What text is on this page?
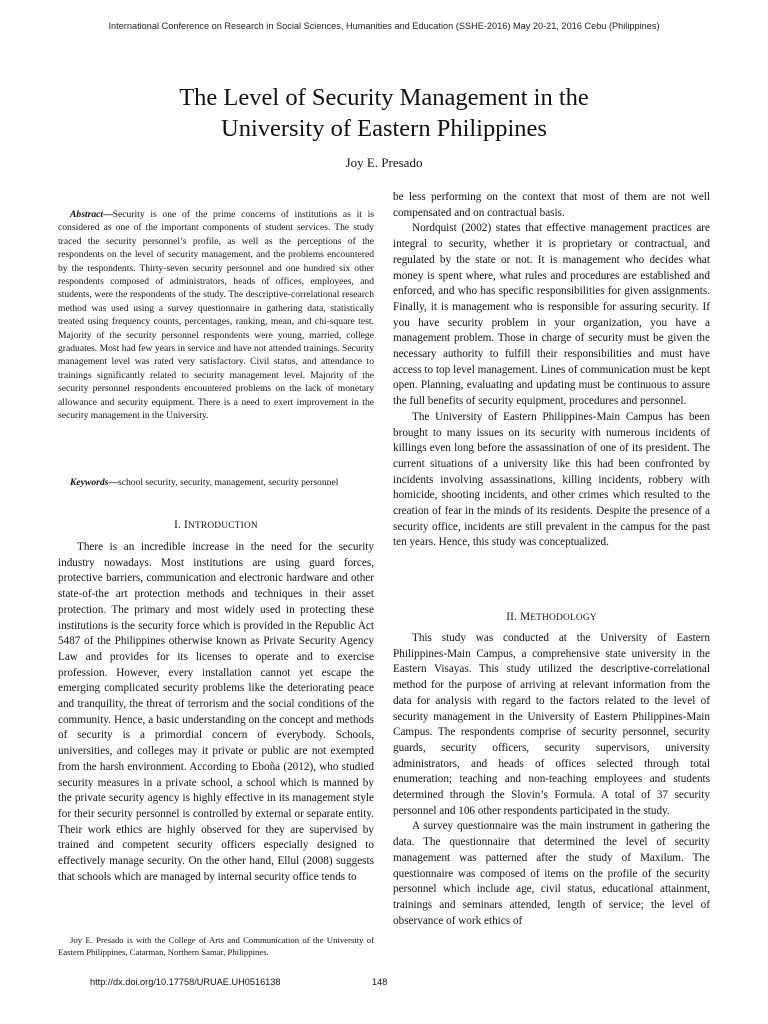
International Conference on Research in Social Sciences, Humanities and Education (SSHE-2016) May 20-21, 2016 Cebu (Philippines)
The Level of Security Management in the
University of Eastern Philippines
Joy E. Presado

Abstract—Security is one of the prime concerns of institutions as it is considered as one of the important components of student services. The study traced the security personnel’s profile, as well as the perceptions of the respondents on the level of security management, and the problems encountered by the respondents. Thirty-seven security personnel and one hundred six other respondents composed of administrators, heads of offices, employees, and students, were the respondents of the study. The descriptive-correlational research method was used using a survey questionnaire in gathering data, statistically treated using frequency counts, percentages, ranking, mean, and chi-square test. Majority of the security personnel respondents were young, married, college graduates. Most had few years in service and have not attended trainings. Security management level was rated very satisfactory. Civil status, and attendance to trainings significantly related to security management level. Majority of the security personnel respondents encountered problems on the lack of monetary allowance and security equipment. There is a need to exert improvement in the security management in the University.

Keywords—school security, security, management, security personnel

I. INTRODUCTION

There is an incredible increase in the need for the security industry nowadays. Most institutions are using guard forces, protective barriers, communication and electronic hardware and other state-of-the art protection methods and techniques in their asset protection. The primary and most widely used in protecting these institutions is the security force which is provided in the Republic Act 5487 of the Philippines otherwise known as Private Security Agency Law and provides for its licenses to operate and to exercise profession. However, every installation cannot yet escape the emerging complicated security problems like the deteriorating peace and tranquility, the threat of terrorism and the social conditions of the community. Hence, a basic understanding on the concept and methods of security is a primordial concern of everybody. Schools, universities, and colleges may it private or public are not exempted from the harsh environment. According to Eboña (2012), who studied security measures in a private school, a school which is manned by the private security agency is highly effective in its management style for their security personnel is controlled by external or separate entity. Their work ethics are highly observed for they are supervised by trained and competent security officers especially designed to effectively manage security. On the other hand, Ellul (2008) suggests that schools which are managed by internal security office tends to

be less performing on the context that most of them are not well compensated and on contractual basis.

Nordquist (2002) states that effective management practices are integral to security, whether it is proprietary or contractual, and regulated by the state or not. It is management who decides what money is spent where, what rules and procedures are established and enforced, and who has specific responsibilities for given assignments. Finally, it is management who is responsible for assuring security. If you have security problem in your organization, you have a management problem. Those in charge of security must be given the necessary authority to fulfill their responsibilities and must have access to top level management. Lines of communication must be kept open. Planning, evaluating and updating must be continuous to assure the full benefits of security equipment, procedures and personnel.

The University of Eastern Philippines-Main Campus has been brought to many issues on its security with numerous incidents of killings even long before the assassination of one of its president. The current situations of a university like this had been confronted by incidents involving assassinations, killing incidents, robbery with homicide, shooting incidents, and other crimes which resulted to the creation of fear in the minds of its residents. Despite the presence of a security office, incidents are still prevalent in the campus for the past ten years. Hence, this study was conceptualized.

II. METHODOLOGY

This study was conducted at the University of Eastern Philippines-Main Campus, a comprehensive state university in the Eastern Visayas. This study utilized the descriptive-correlational method for the purpose of arriving at relevant information from the data for analysis with regard to the factors related to the level of security management in the University of Eastern Philippines-Main Campus. The respondents comprise of security personnel, security guards, security officers, security supervisors, university administrators, and heads of offices selected through total enumeration; teaching and non-teaching employees and students determined through the Slovin’s Formula. A total of 37 security personnel and 106 other respondents participated in the study.

A survey questionnaire was the main instrument in gathering the data. The questionnaire that determined the level of security management was patterned after the study of Maxilum. The questionnaire was composed of items on the profile of the security personnel which include age, civil status, educational attainment, trainings and seminars attended, length of service; the level of observance of work ethics of

Joy E. Presado is with the College of Arts and Communication of the University of Eastern Philippines, Catarman, Northern Samar, Philippines.

http://dx.doi.org/10.17758/URUAE.UH0516138	148
